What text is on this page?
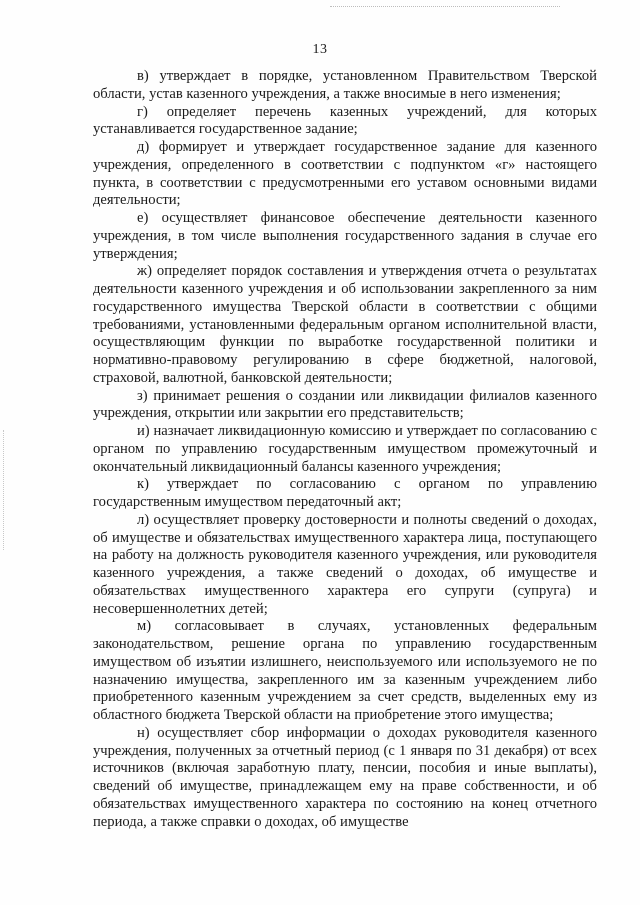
13

в) утверждает в порядке, установленном Правительством Тверской области, устав казенного учреждения, а также вносимые в него изменения;

г) определяет перечень казенных учреждений, для которых устанавливается государственное задание;

д) формирует и утверждает государственное задание для казенного учреждения, определенного в соответствии с подпунктом «г» настоящего пункта, в соответствии с предусмотренными его уставом основными видами деятельности;

е) осуществляет финансовое обеспечение деятельности казенного учреждения, в том числе выполнения государственного задания в случае его утверждения;

ж) определяет порядок составления и утверждения отчета о результатах деятельности казенного учреждения и об использовании закрепленного за ним государственного имущества Тверской области в соответствии с общими требованиями, установленными федеральным органом исполнительной власти, осуществляющим функции по выработке государственной политики и нормативно-правовому регулированию в сфере бюджетной, налоговой, страховой, валютной, банковской деятельности;

з) принимает решения о создании или ликвидации филиалов казенного учреждения, открытии или закрытии его представительств;

и) назначает ликвидационную комиссию и утверждает по согласованию с органом по управлению государственным имуществом промежуточный и окончательный ликвидационный балансы казенного учреждения;

к) утверждает по согласованию с органом по управлению государственным имуществом передаточный акт;

л) осуществляет проверку достоверности и полноты сведений о доходах, об имуществе и обязательствах имущественного характера лица, поступающего на работу на должность руководителя казенного учреждения, или руководителя казенного учреждения, а также сведений о доходах, об имуществе и обязательствах имущественного характера его супруги (супруга) и несовершеннолетних детей;

м) согласовывает в случаях, установленных федеральным законодательством, решение органа по управлению государственным имуществом об изъятии излишнего, неиспользуемого или используемого не по назначению имущества, закрепленного им за казенным учреждением либо приобретенного казенным учреждением за счет средств, выделенных ему из областного бюджета Тверской области на приобретение этого имущества;

н) осуществляет сбор информации о доходах руководителя казенного учреждения, полученных за отчетный период (с 1 января по 31 декабря) от всех источников (включая заработную плату, пенсии, пособия и иные выплаты), сведений об имуществе, принадлежащем ему на праве собственности, и об обязательствах имущественного характера по состоянию на конец отчетного периода, а также справки о доходах, об имуществе
